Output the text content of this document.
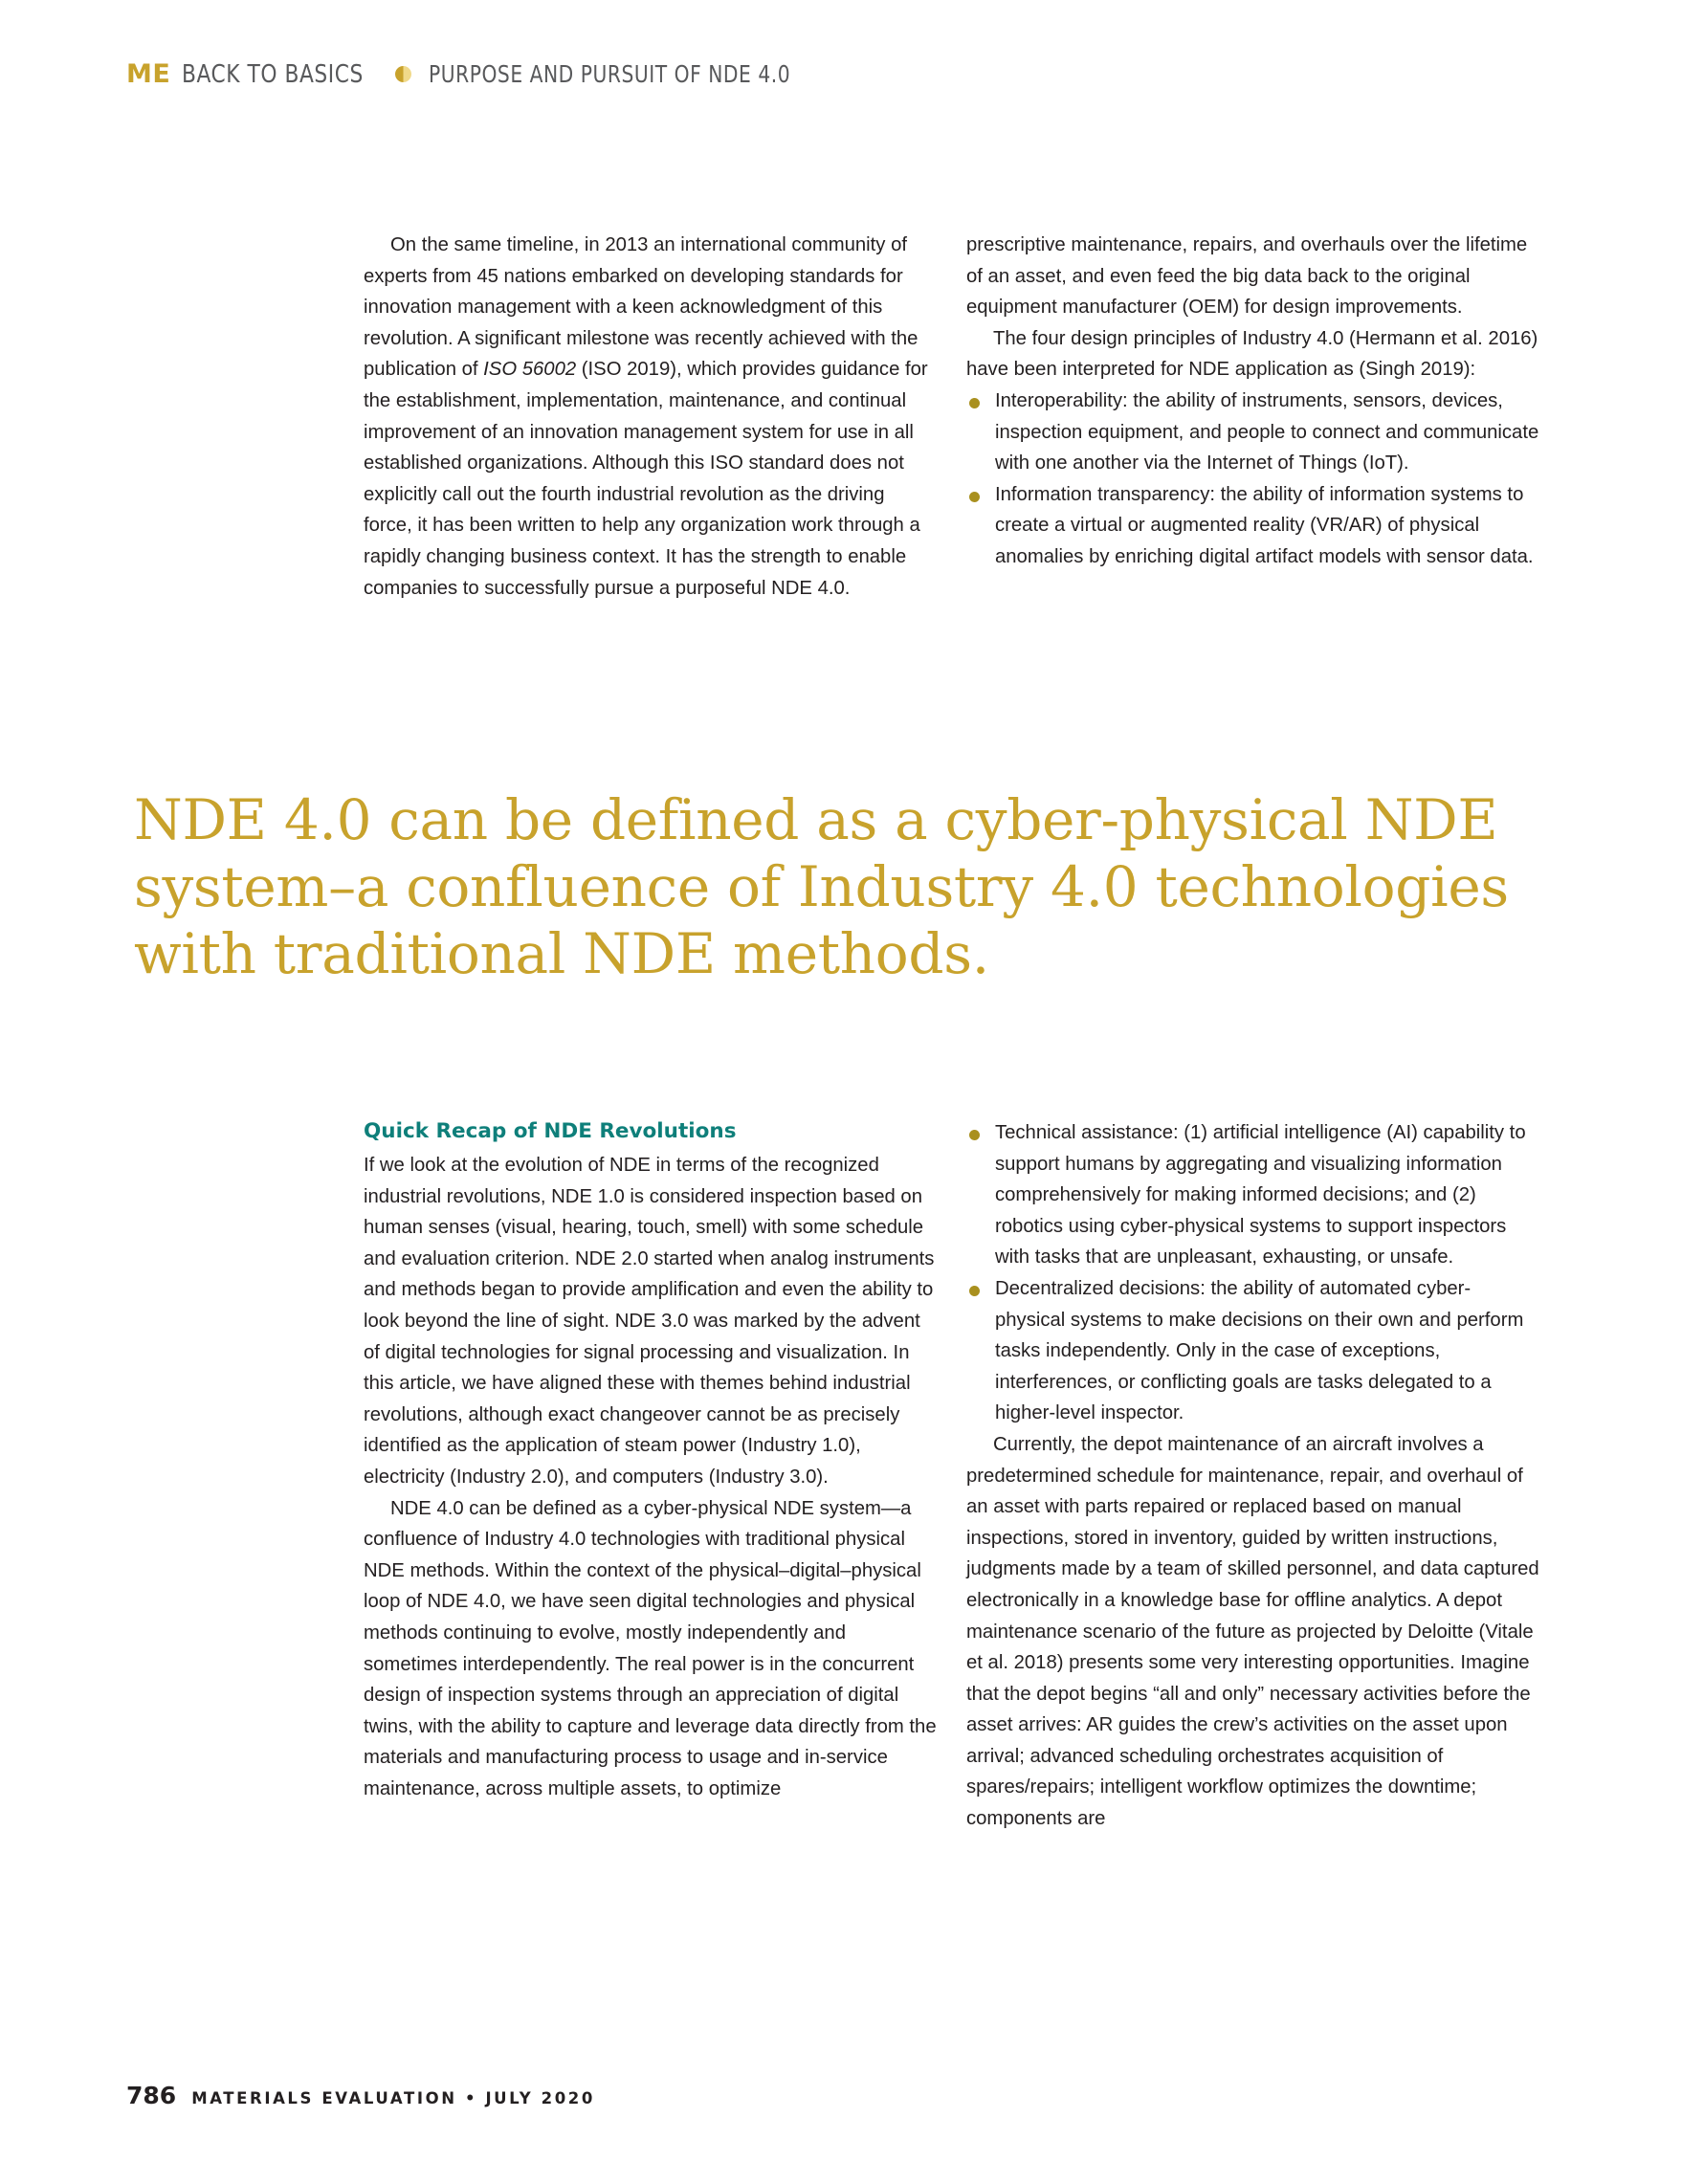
ME BACK TO BASICS	PURPOSE AND PURSUIT OF NDE 4.0

On the same timeline, in 2013 an international community of experts from 45 nations embarked on developing standards for innovation management with a keen acknowledgment of this revolution. A significant milestone was recently achieved with the publication of ISO 56002 (ISO 2019), which provides guidance for the establishment, implementation, maintenance, and continual improvement of an innovation management system for use in all established organizations. Although this ISO standard does not explicitly call out the fourth industrial revolution as the driving force, it has been written to help any organization work through a rapidly changing business context. It has the strength to enable companies to successfully pursue a purposeful NDE 4.0.

prescriptive maintenance, repairs, and overhauls over the lifetime of an asset, and even feed the big data back to the original equipment manufacturer (OEM) for design improvements.

The four design principles of Industry 4.0 (Hermann et al. 2016) have been interpreted for NDE application as (Singh 2019):

Interoperability: the ability of instruments, sensors, devices, inspection equipment, and people to connect and communicate with one another via the Internet of Things (IoT).
Information transparency: the ability of information systems to create a virtual or augmented reality (VR/AR) of physical anomalies by enriching digital artifact models with sensor data.
NDE 4.0 can be defined as a cyber-physical NDE system–a confluence of Industry 4.0 technologies with traditional NDE methods.
Quick Recap of NDE Revolutions

If we look at the evolution of NDE in terms of the recognized industrial revolutions, NDE 1.0 is considered inspection based on human senses (visual, hearing, touch, smell) with some schedule and evaluation criterion. NDE 2.0 started when analog instruments and methods began to provide amplification and even the ability to look beyond the line of sight. NDE 3.0 was marked by the advent of digital technologies for signal processing and visualization. In this article, we have aligned these with themes behind industrial revolutions, although exact changeover cannot be as precisely identified as the application of steam power (Industry 1.0), electricity (Industry 2.0), and computers (Industry 3.0).

NDE 4.0 can be defined as a cyber-physical NDE system—a confluence of Industry 4.0 technologies with traditional physical NDE methods. Within the context of the physical–digital–physical loop of NDE 4.0, we have seen digital technologies and physical methods continuing to evolve, mostly independently and sometimes interdependently. The real power is in the concurrent design of inspection systems through an appreciation of digital twins, with the ability to capture and leverage data directly from the materials and manufacturing process to usage and in-service maintenance, across multiple assets, to optimize

Technical assistance: (1) artificial intelligence (AI) capability to support humans by aggregating and visualizing information comprehensively for making informed decisions; and (2) robotics using cyber-physical systems to support inspectors with tasks that are unpleasant, exhausting, or unsafe.
Decentralized decisions: the ability of automated cyber-physical systems to make decisions on their own and perform tasks independently. Only in the case of exceptions, interferences, or conflicting goals are tasks delegated to a higher-level inspector.

Currently, the depot maintenance of an aircraft involves a predetermined schedule for maintenance, repair, and overhaul of an asset with parts repaired or replaced based on manual inspections, stored in inventory, guided by written instructions, judgments made by a team of skilled personnel, and data captured electronically in a knowledge base for offline analytics. A depot maintenance scenario of the future as projected by Deloitte (Vitale et al. 2018) presents some very interesting opportunities. Imagine that the depot begins “all and only” necessary activities before the asset arrives: AR guides the crew’s activities on the asset upon arrival; advanced scheduling orchestrates acquisition of spares/repairs; intelligent workflow optimizes the downtime; components are

786 MATERIALS EVALUATION • JULY 2020
